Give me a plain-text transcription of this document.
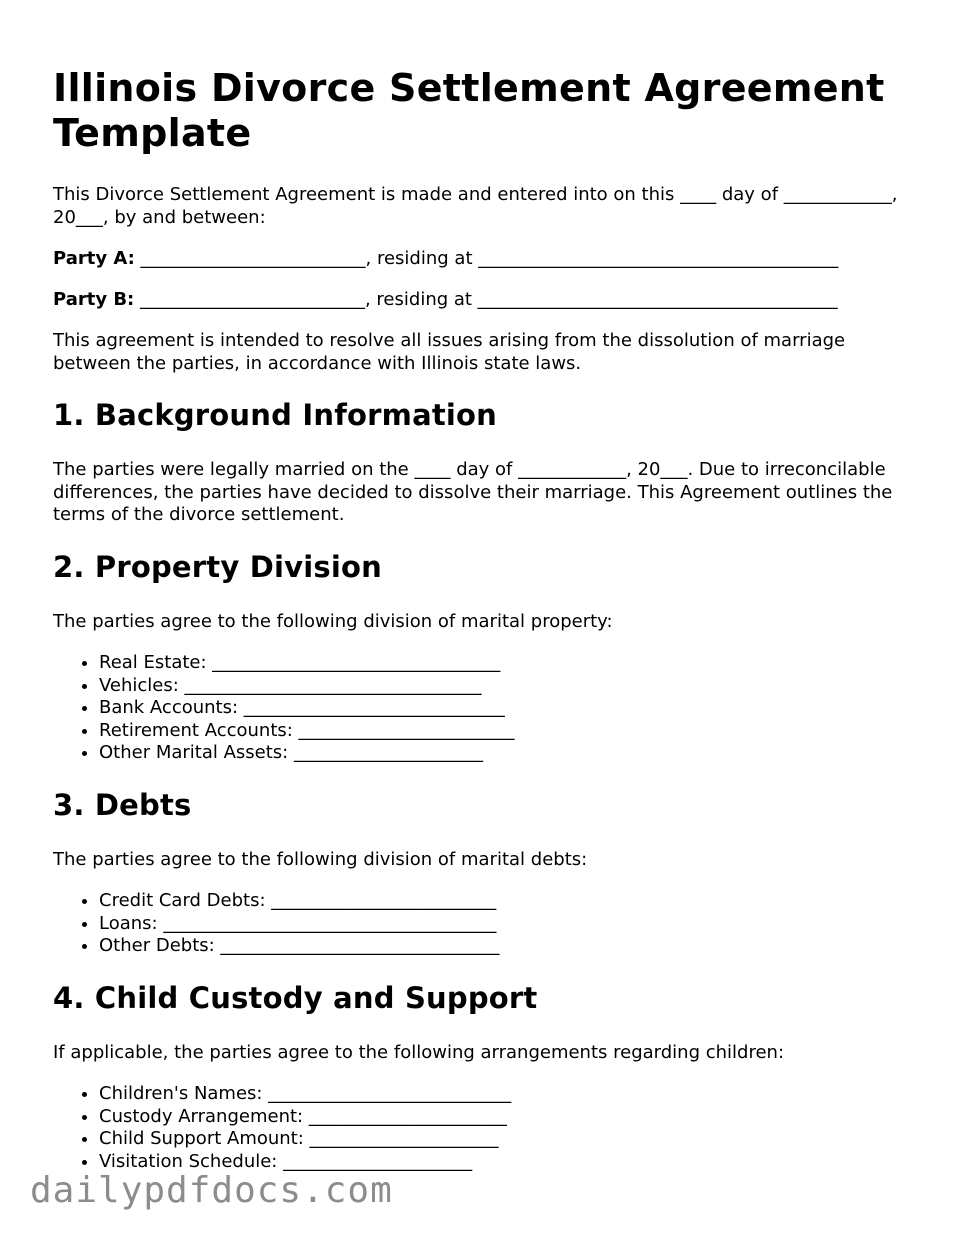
Illinois Divorce Settlement Agreement Template

This Divorce Settlement Agreement is made and entered into on this ____ day of ____________, 20___, by and between:

Party A: _________________________, residing at ________________________________________
Party B: _________________________, residing at ________________________________________

This agreement is intended to resolve all issues arising from the dissolution of marriage between the parties, in accordance with Illinois state laws.

1. Background Information

The parties were legally married on the ____ day of ____________, 20___. Due to irreconcilable differences, the parties have decided to dissolve their marriage. This Agreement outlines the terms of the divorce settlement.

2. Property Division

The parties agree to the following division of marital property:

• Real Estate: ________________________________
• Vehicles: _________________________________
• Bank Accounts: _____________________________
• Retirement Accounts: ________________________
• Other Marital Assets: _____________________
3. Debts

The parties agree to the following division of marital debts:

• Credit Card Debts: _________________________
• Loans: _____________________________________
• Other Debts: _______________________________
4. Child Custody and Support

If applicable, the parties agree to the following arrangements regarding children:

• Children's Names: ___________________________
• Custody Arrangement: ______________________
• Child Support Amount: _____________________
• Visitation Schedule: _____________________
dailypdfdocs.com
